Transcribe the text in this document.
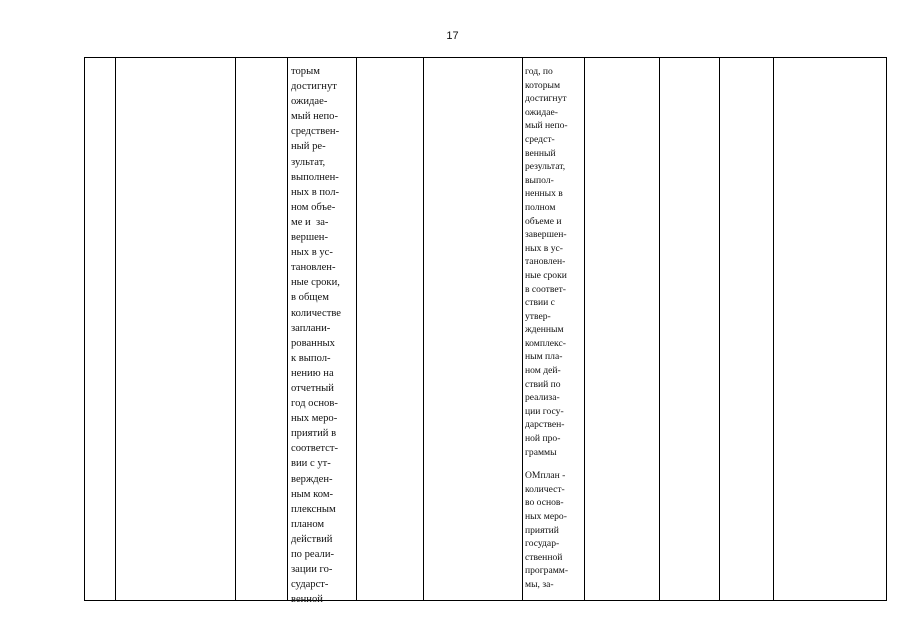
17
торым
достигнут
ожидае-
мый непо-
средствен-
ный ре-
зультат,
выполнен-
ных в пол-
ном объе-
ме и  за-
вершен-
ных в ус-
тановлен-
ные сроки,
в общем
количестве
заплани-
рованных
к выпол-
нению на
отчетный
год основ-
ных меро-
приятий в
соответст-
вии с ут-
вержден-
ным ком-
плексным
планом
действий
по реали-
зации го-
сударст-
венной
год, по
которым
достигнут
ожидае-
мый непо-
средст-
венный
результат,
выпол-
ненных в
полном
объеме и
завершен-
ных в ус-
тановлен-
ные сроки
в соответ-
ствии с
утвер-
жденным
комплекс-
ным пла-
ном дей-
ствий по
реализа-
ции госу-
дарствен-
ной про-
граммы
ОМплан -
количест-
во основ-
ных меро-
приятий
государ-
ственной
программ-
мы, за-
